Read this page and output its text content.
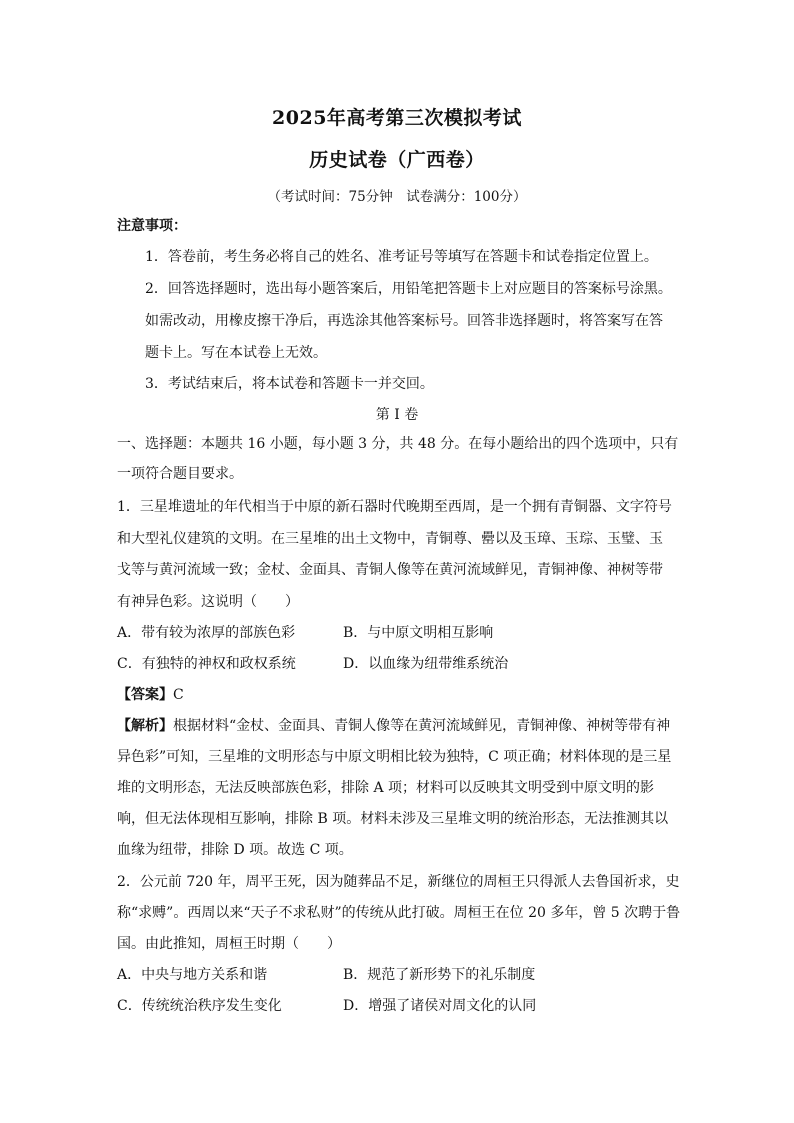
2025年高考第三次模拟考试
历史试卷（广西卷）
（考试时间：75分钟　试卷满分：100分）
注意事项：
1．答卷前，考生务必将自己的姓名、准考证号等填写在答题卡和试卷指定位置上。
2．回答选择题时，选出每小题答案后，用铅笔把答题卡上对应题目的答案标号涂黑。
如需改动，用橡皮擦干净后，再选涂其他答案标号。回答非选择题时，将答案写在答
题卡上。写在本试卷上无效。
3．考试结束后，将本试卷和答题卡一并交回。
第 I 卷
一、选择题：本题共 16 小题，每小题 3 分，共 48 分。在每小题给出的四个选项中，只有
一项符合题目要求。
1．三星堆遗址的年代相当于中原的新石器时代晚期至西周，是一个拥有青铜器、文字符号
和大型礼仪建筑的文明。在三星堆的出土文物中，青铜尊、罍以及玉璋、玉琮、玉璧、玉
戈等与黄河流域一致；金杖、金面具、青铜人像等在黄河流域鲜见，青铜神像、神树等带
有神异色彩。这说明（　　）
A．带有较为浓厚的部族色彩	B．与中原文明相互影响
C．有独特的神权和政权系统	D．以血缘为纽带维系统治
【答案】C
【解析】根据材料“金杖、金面具、青铜人像等在黄河流域鲜见，青铜神像、神树等带有神
异色彩”可知，三星堆的文明形态与中原文明相比较为独特，C 项正确；材料体现的是三星
堆的文明形态，无法反映部族色彩，排除 A 项；材料可以反映其文明受到中原文明的影
响，但无法体现相互影响，排除 B 项。材料未涉及三星堆文明的统治形态，无法推测其以
血缘为纽带，排除 D 项。故选 C 项。
2．公元前 720 年，周平王死，因为随葬品不足，新继位的周桓王只得派人去鲁国祈求，史
称“求赙”。西周以来“天子不求私财”的传统从此打破。周桓王在位 20 多年，曾 5 次聘于鲁
国。由此推知，周桓王时期（　　）
A．中央与地方关系和谐	B．规范了新形势下的礼乐制度
C．传统统治秩序发生变化	D．增强了诸侯对周文化的认同
